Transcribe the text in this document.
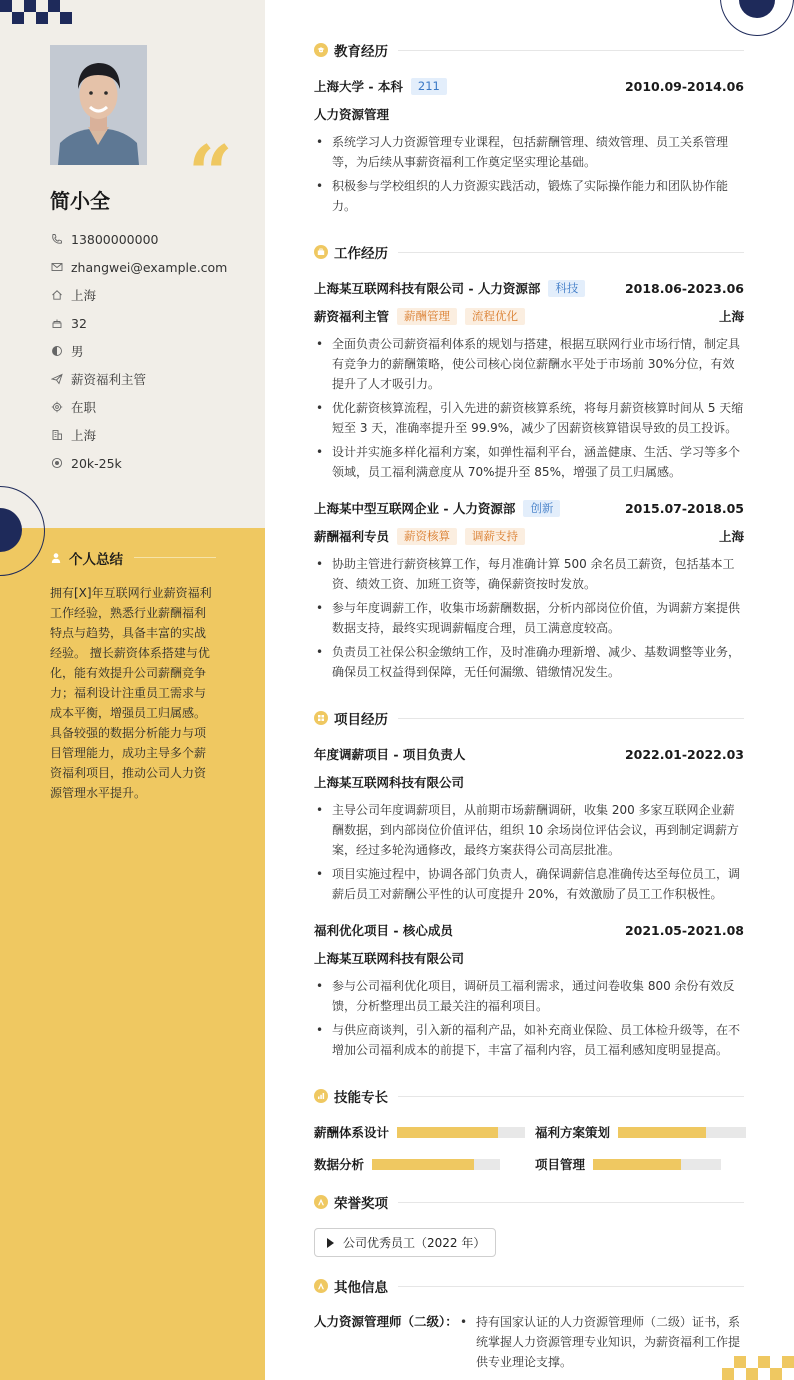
“
简小全
13800000000
zhangwei@example.com
上海
32
男
薪资福利主管
在职
上海
20k-25k
个人总结
拥有[X]年互联网行业薪资福利工作经验，熟悉行业薪酬福利特点与趋势，具备丰富的实战经验。 擅长薪资体系搭建与优化，能有效提升公司薪酬竞争力；福利设计注重员工需求与成本平衡，增强员工归属感。 具备较强的数据分析能力与项目管理能力，成功主导多个薪资福利项目，推动公司人力资源管理水平提升。
教育经历
上海大学 - 本科	211	2010.09-2014.06
人力资源管理
• 系统学习人力资源管理专业课程，包括薪酬管理、绩效管理、员工关系管理等，为后续从事薪资福利工作奠定坚实理论基础。
• 积极参与学校组织的人力资源实践活动，锻炼了实际操作能力和团队协作能力。
工作经历
上海某互联网科技有限公司 - 人力资源部	科技	2018.06-2023.06
薪资福利主管	薪酬管理	流程优化	上海
• 全面负责公司薪资福利体系的规划与搭建，根据互联网行业市场行情，制定具有竞争力的薪酬策略，使公司核心岗位薪酬水平处于市场前 30%分位，有效提升了人才吸引力。
• 优化薪资核算流程，引入先进的薪资核算系统，将每月薪资核算时间从 5 天缩短至 3 天，准确率提升至 99.9%，减少了因薪资核算错误导致的员工投诉。
• 设计并实施多样化福利方案，如弹性福利平台，涵盖健康、生活、学习等多个领域，员工福利满意度从 70%提升至 85%，增强了员工归属感。
上海某中型互联网企业 - 人力资源部	创新	2015.07-2018.05
薪酬福利专员	薪资核算	调薪支持	上海
• 协助主管进行薪资核算工作，每月准确计算 500 余名员工薪资，包括基本工资、绩效工资、加班工资等，确保薪资按时发放。
• 参与年度调薪工作，收集市场薪酬数据，分析内部岗位价值，为调薪方案提供数据支持，最终实现调薪幅度合理，员工满意度较高。
• 负责员工社保公积金缴纳工作，及时准确办理新增、减少、基数调整等业务，确保员工权益得到保障，无任何漏缴、错缴情况发生。
项目经历
年度调薪项目 - 项目负责人	2022.01-2022.03
上海某互联网科技有限公司
• 主导公司年度调薪项目，从前期市场薪酬调研，收集 200 多家互联网企业薪酬数据，到内部岗位价值评估，组织 10 余场岗位评估会议，再到制定调薪方案，经过多轮沟通修改，最终方案获得公司高层批准。
• 项目实施过程中，协调各部门负责人，确保调薪信息准确传达至每位员工，调薪后员工对薪酬公平性的认可度提升 20%，有效激励了员工工作积极性。
福利优化项目 - 核心成员	2021.05-2021.08
上海某互联网科技有限公司
• 参与公司福利优化项目，调研员工福利需求，通过问卷收集 800 余份有效反馈，分析整理出员工最关注的福利项目。
• 与供应商谈判，引入新的福利产品，如补充商业保险、员工体检升级等，在不增加公司福利成本的前提下，丰富了福利内容，员工福利感知度明显提高。
技能专长
薪酬体系设计	福利方案策划
数据分析	项目管理
荣誉奖项
公司优秀员工（2022 年）
其他信息
人力资源管理师（二级）：
•	持有国家认证的人力资源管理师（二级）证书，系统掌握人力资源管理专业知识，为薪资福利工作提供专业理论支撑。
